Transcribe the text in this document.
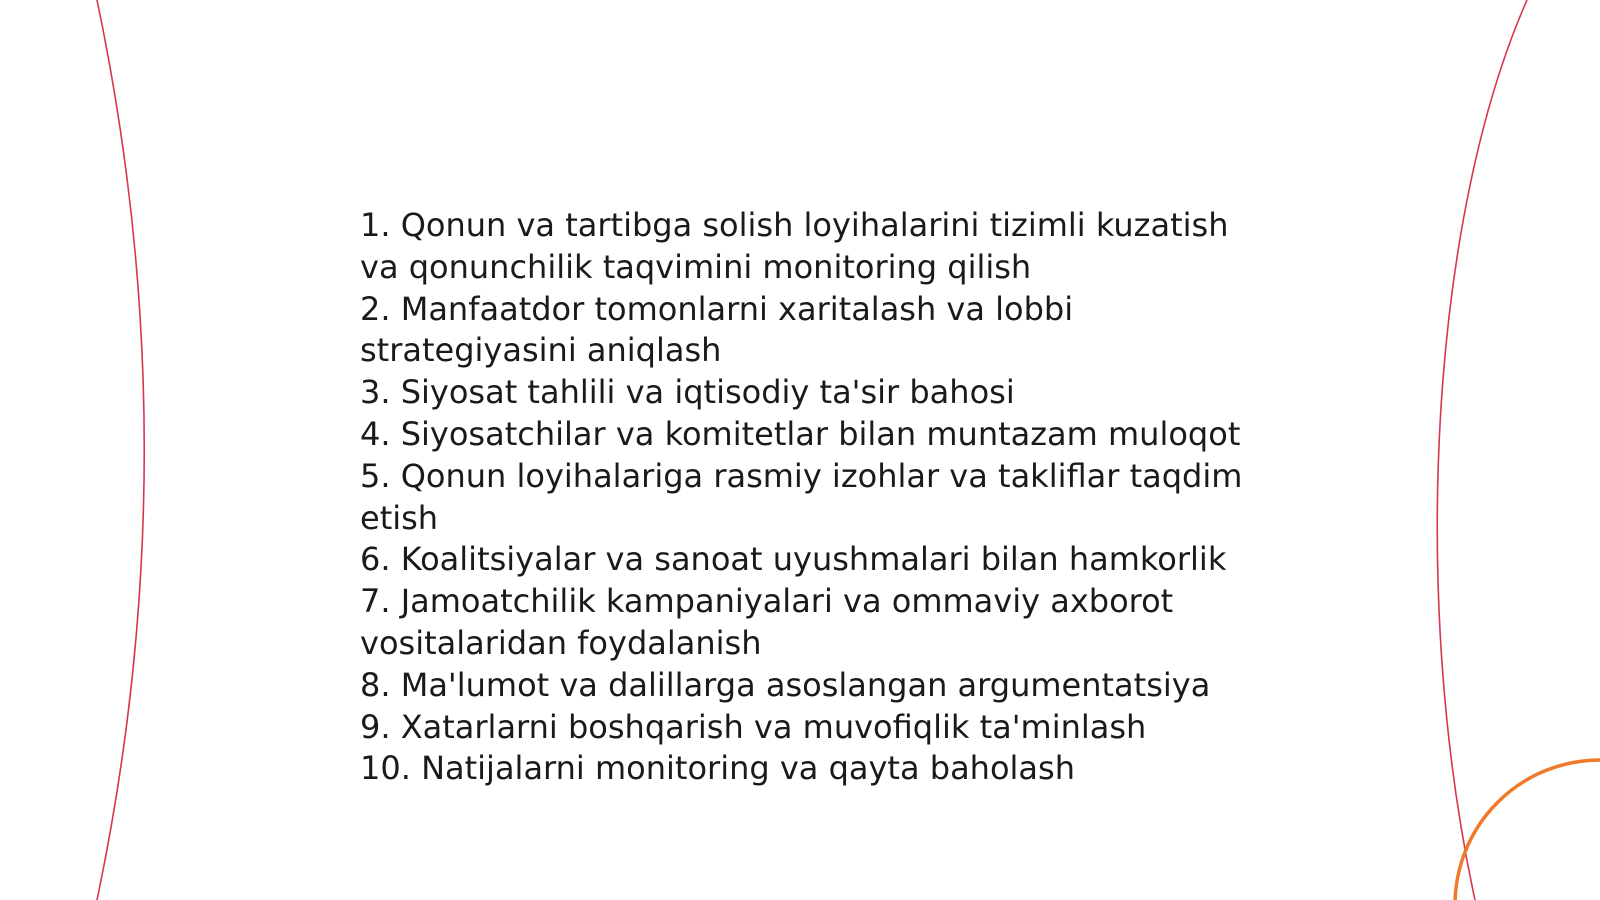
1. Qonun va tartibga solish loyihalarini tizimli kuzatish va qonunchilik taqvimini monitoring qilish
2. Manfaatdor tomonlarni xaritalash va lobbi strategiyasini aniqlash
3. Siyosat tahlili va iqtisodiy ta'sir bahosi
4. Siyosatchilar va komitetlar bilan muntazam muloqot
5. Qonun loyihalariga rasmiy izohlar va takliflar taqdim etish
6. Koalitsiyalar va sanoat uyushmalari bilan hamkorlik
7. Jamoatchilik kampaniyalari va ommaviy axborot vositalaridan foydalanish
8. Ma'lumot va dalillarga asoslangan argumentatsiya
9. Xatarlarni boshqarish va muvofiqlik ta'minlash
10. Natijalarni monitoring va qayta baholash
